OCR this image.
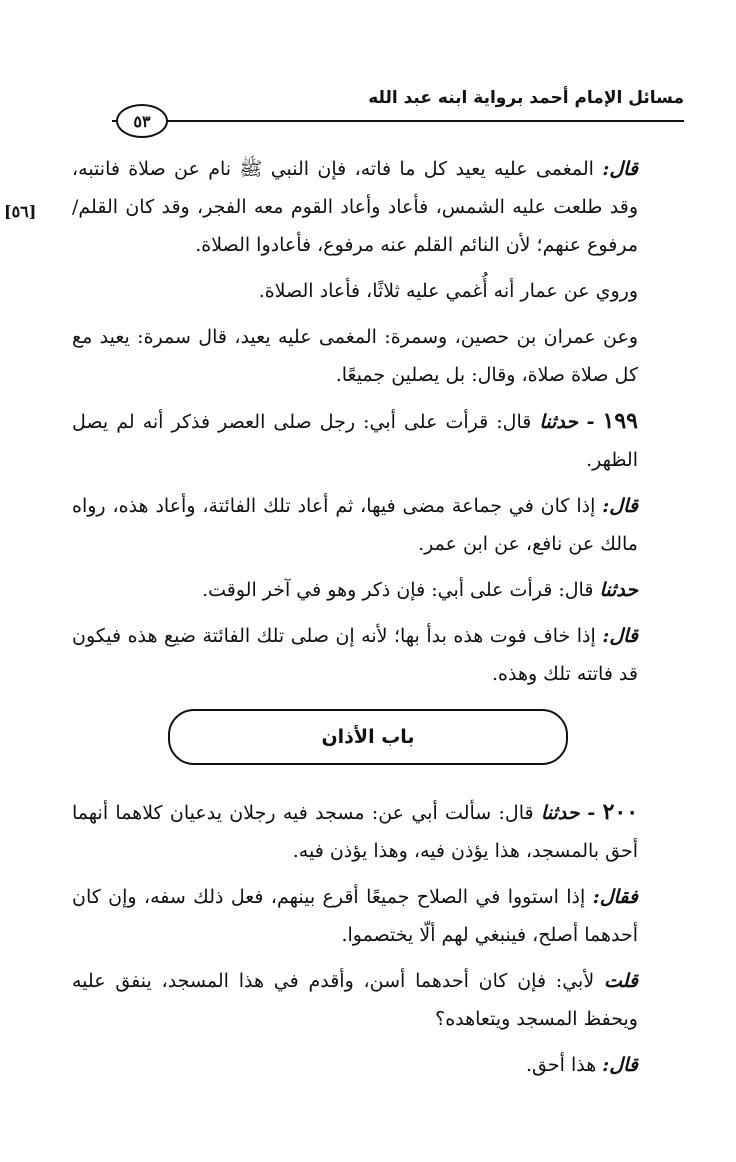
مسائل الإمام أحمد برواية ابنه عبد الله
٥٣
[٥٦]

قال: المغمى عليه يعيد كل ما فاته، فإن النبي ﷺ نام عن صلاة فانتبه، وقد طلعت عليه الشمس، فأعاد وأعاد القوم معه الفجر، وقد كان القلم/ مرفوع عنهم؛ لأن النائم القلم عنه مرفوع، فأعادوا الصلاة.

وروي عن عمار أنه أُغمي عليه ثلاثًا، فأعاد الصلاة.

وعن عمران بن حصين، وسمرة: المغمى عليه يعيد، قال سمرة: يعيد مع كل صلاة صلاة، وقال: بل يصلين جميعًا.

١٩٩ - حدثنا قال: قرأت على أبي: رجل صلى العصر فذكر أنه لم يصل الظهر.

قال: إذا كان في جماعة مضى فيها، ثم أعاد تلك الفائتة، وأعاد هذه، رواه مالك عن نافع، عن ابن عمر.

حدثنا قال: قرأت على أبي: فإن ذكر وهو في آخر الوقت.

قال: إذا خاف فوت هذه بدأ بها؛ لأنه إن صلى تلك الفائتة ضيع هذه فيكون قد فاتته تلك وهذه.

باب الأذان

٢٠٠ - حدثنا قال: سألت أبي عن: مسجد فيه رجلان يدعيان كلاهما أنهما أحق بالمسجد، هذا يؤذن فيه، وهذا يؤذن فيه.

فقال: إذا استووا في الصلاح جميعًا أقرع بينهم، فعل ذلك سفه، وإن كان أحدهما أصلح، فينبغي لهم ألّا يختصموا.

قلت لأبي: فإن كان أحدهما أسن، وأقدم في هذا المسجد، ينفق عليه ويحفظ المسجد ويتعاهده؟

قال: هذا أحق.
